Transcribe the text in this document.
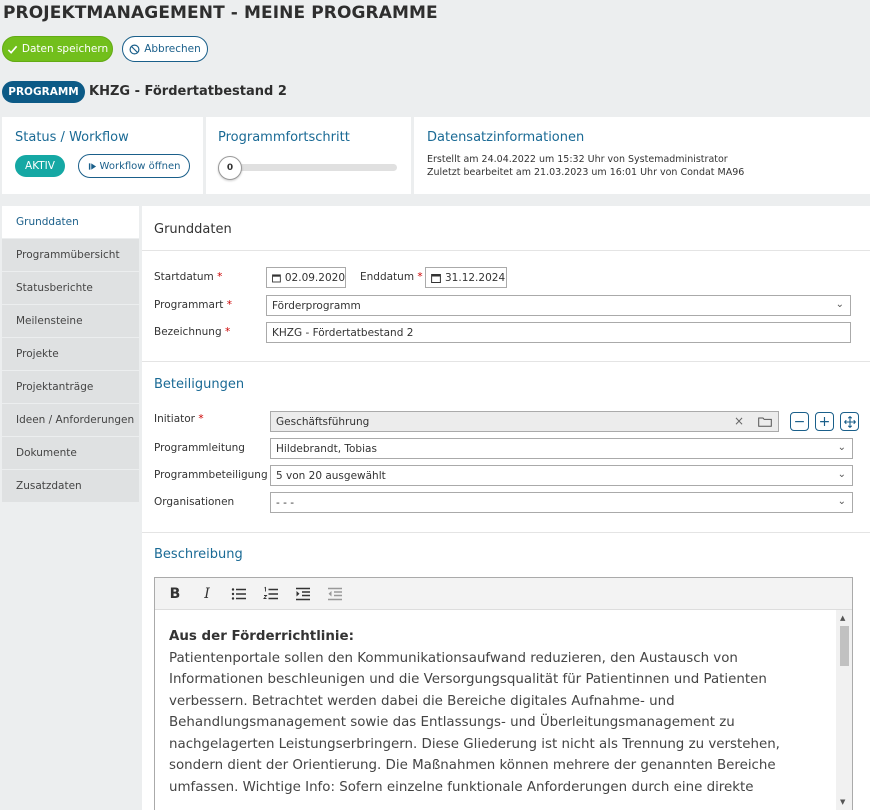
PROJEKTMANAGEMENT - MEINE PROGRAMME
Daten speichern	Abbrechen
PROGRAMM KHZG - Fördertatbestand 2
Status / Workflow
AKTIV	Workflow öffnen
Programmfortschritt
0
Datensatzinformationen
Erstellt am 24.04.2022 um 15:32 Uhr von Systemadministrator
Zuletzt bearbeitet am 21.03.2023 um 16:01 Uhr von Condat MA96
Grunddaten
Programmübersicht
Statusberichte
Meilensteine
Projekte
Projektanträge
Ideen / Anforderungen
Dokumente
Zusatzdaten
Grunddaten
Startdatum *	02.09.2020 Enddatum * 31.12.2024
Programmart *	Förderprogramm	⌄
Bezeichnung *	KHZG - Fördertatbestand 2
Beteiligungen
Initiator *	Geschäftsführung	×	− +
Programmleitung	Hildebrandt, Tobias	⌄
Programmbeteiligung 5 von 20 ausgewählt	⌄
Organisationen	- - -	⌄
Beschreibung
B	I
Aus der Förderrichtlinie:
Patientenportale sollen den Kommunikationsaufwand reduzieren, den Austausch von
Informationen beschleunigen und die Versorgungsqualität für Patientinnen und Patienten
verbessern. Betrachtet werden dabei die Bereiche digitales Aufnahme- und
Behandlungsmanagement sowie das Entlassungs- und Überleitungsmanagement zu
nachgelagerten Leistungserbringern. Diese Gliederung ist nicht als Trennung zu verstehen,
sondern dient der Orientierung. Die Maßnahmen können mehrere der genannten Bereiche
umfassen. Wichtige Info: Sofern einzelne funktionale Anforderungen durch eine direkte
▲
▼
